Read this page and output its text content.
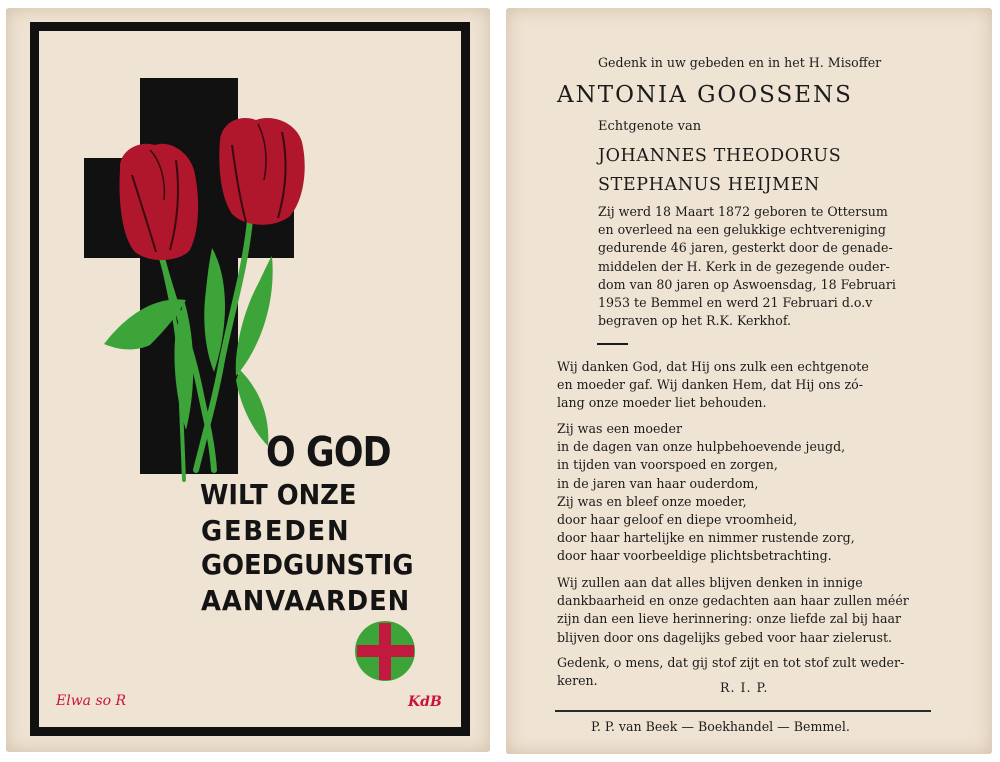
O GOD
WILT ONZE
GEBEDEN
GOEDGUNSTIG
AANVAARDEN
Elwa so R	KdB
Gedenk in uw gebeden en in het H. Misoffer
ANTONIA GOOSSENS
Echtgenote van
JOHANNES THEODORUS
STEPHANUS HEIJMEN
Zij werd 18 Maart 1872 geboren te Ottersum
en overleed na een gelukkige echtvereniging
gedurende 46 jaren, gesterkt door de genade-
middelen der H. Kerk in de gezegende ouder-
dom van 80 jaren op Aswoensdag, 18 Februari
1953 te Bemmel en werd 21 Februari d.o.v
begraven op het R.K. Kerkhof.
Wij danken God, dat Hij ons zulk een echtgenote
en moeder gaf. Wij danken Hem, dat Hij ons zó-
lang onze moeder liet behouden.
Zij was een moeder
in de dagen van onze hulpbehoevende jeugd,
in tijden van voorspoed en zorgen,
in de jaren van haar ouderdom,
Zij was en bleef onze moeder,
door haar geloof en diepe vroomheid,
door haar hartelijke en nimmer rustende zorg,
door haar voorbeeldige plichtsbetrachting.
Wij zullen aan dat alles blijven denken in innige
dankbaarheid en onze gedachten aan haar zullen méér
zijn dan een lieve herinnering: onze liefde zal bij haar
blijven door ons dagelijks gebed voor haar zielerust.
Gedenk, o mens, dat gij stof zijt en tot stof zult weder-
keren.	R. I. P.
P. P. van Beek — Boekhandel — Bemmel.
